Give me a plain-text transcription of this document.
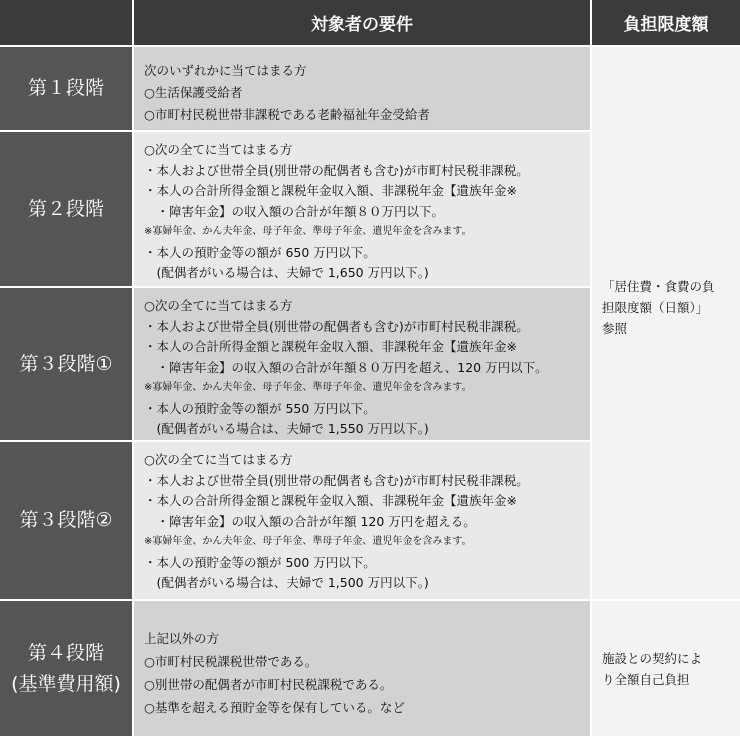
対象者の要件	負担限度額
第１段階
次のいずれかに当てはまる方
○生活保護受給者
○市町村民税世帯非課税である老齢福祉年金受給者
第２段階
○次の全てに当てはまる方
・本人および世帯全員(別世帯の配偶者も含む)が市町村民税非課税。
・本人の合計所得金額と課税年金収入額、非課税年金【遺族年金※
　・障害年金】の収入額の合計が年額８０万円以下。
※寡婦年金、かん夫年金、母子年金、準母子年金、遺児年金を含みます。
・本人の預貯金等の額が 650 万円以下。
　(配偶者がいる場合は、夫婦で 1,650 万円以下。)
第３段階①
○次の全てに当てはまる方
・本人および世帯全員(別世帯の配偶者も含む)が市町村民税非課税。
・本人の合計所得金額と課税年金収入額、非課税年金【遺族年金※
　・障害年金】の収入額の合計が年額８０万円を超え、120 万円以下。
※寡婦年金、かん夫年金、母子年金、準母子年金、遺児年金を含みます。
・本人の預貯金等の額が 550 万円以下。
　(配偶者がいる場合は、夫婦で 1,550 万円以下。)
第３段階②
○次の全てに当てはまる方
・本人および世帯全員(別世帯の配偶者も含む)が市町村民税非課税。
・本人の合計所得金額と課税年金収入額、非課税年金【遺族年金※
　・障害年金】の収入額の合計が年額 120 万円を超える。
※寡婦年金、かん夫年金、母子年金、準母子年金、遺児年金を含みます。
・本人の預貯金等の額が 500 万円以下。
　(配偶者がいる場合は、夫婦で 1,500 万円以下。)
第４段階
(基準費用額)
上記以外の方
○市町村民税課税世帯である。
○別世帯の配偶者が市町村民税課税である。
○基準を超える預貯金等を保有している。など
「居住費・食費の負
担限度額（日額）」
参照
施設との契約によ
り全額自己負担
